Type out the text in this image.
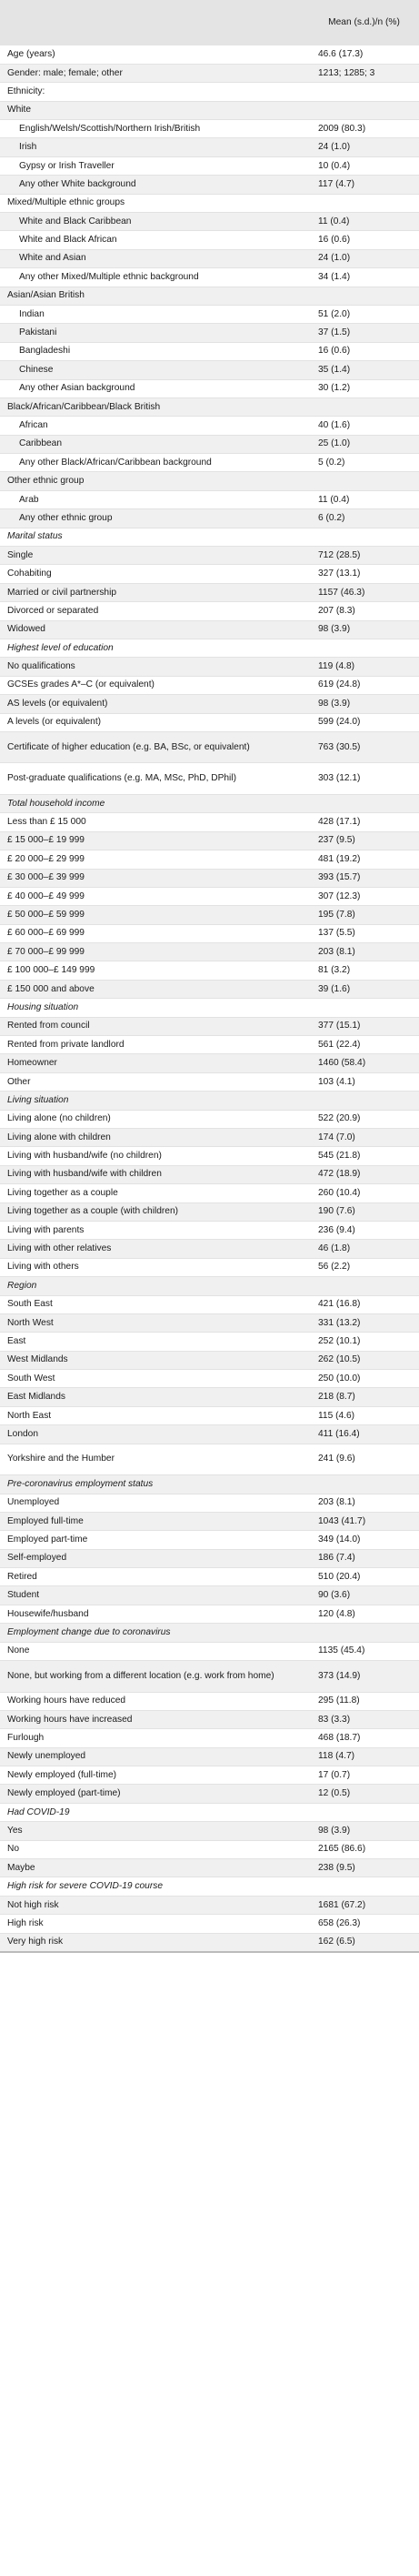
	Mean (s.d.)/n (%)
Age (years)	46.6 (17.3)
Gender: male; female; other	1213; 1285; 3
Ethnicity:	
White	
English/Welsh/Scottish/Northern Irish/British	2009 (80.3)
Irish	24 (1.0)
Gypsy or Irish Traveller	10 (0.4)
Any other White background	117 (4.7)
Mixed/Multiple ethnic groups	
White and Black Caribbean	11 (0.4)
White and Black African	16 (0.6)
White and Asian	24 (1.0)
Any other Mixed/Multiple ethnic background	34 (1.4)
Asian/Asian British	
Indian	51 (2.0)
Pakistani	37 (1.5)
Bangladeshi	16 (0.6)
Chinese	35 (1.4)
Any other Asian background	30 (1.2)
Black/African/Caribbean/Black British	
African	40 (1.6)
Caribbean	25 (1.0)
Any other Black/African/Caribbean background	5 (0.2)
Other ethnic group	
Arab	11 (0.4)
Any other ethnic group	6 (0.2)
Marital status	
Single	712 (28.5)
Cohabiting	327 (13.1)
Married or civil partnership	1157 (46.3)
Divorced or separated	207 (8.3)
Widowed	98 (3.9)
Highest level of education	
No qualifications	119 (4.8)
GCSEs grades A*–C (or equivalent)	619 (24.8)
AS levels (or equivalent)	98 (3.9)
A levels (or equivalent)	599 (24.0)
Certificate of higher education (e.g. BA, BSc, or equivalent)	763 (30.5)
Post-graduate qualifications (e.g. MA, MSc, PhD, DPhil)	303 (12.1)
Total household income	
Less than £ 15 000	428 (17.1)
£ 15 000–£ 19 999	237 (9.5)
£ 20 000–£ 29 999	481 (19.2)
£ 30 000–£ 39 999	393 (15.7)
£ 40 000–£ 49 999	307 (12.3)
£ 50 000–£ 59 999	195 (7.8)
£ 60 000–£ 69 999	137 (5.5)
£ 70 000–£ 99 999	203 (8.1)
£ 100 000–£ 149 999	81 (3.2)
£ 150 000 and above	39 (1.6)
Housing situation	
Rented from council	377 (15.1)
Rented from private landlord	561 (22.4)
Homeowner	1460 (58.4)
Other	103 (4.1)
Living situation	
Living alone (no children)	522 (20.9)
Living alone with children	174 (7.0)
Living with husband/wife (no children)	545 (21.8)
Living with husband/wife with children	472 (18.9)
Living together as a couple	260 (10.4)
Living together as a couple (with children)	190 (7.6)
Living with parents	236 (9.4)
Living with other relatives	46 (1.8)
Living with others	56 (2.2)
Region	
South East	421 (16.8)
North West	331 (13.2)
East	252 (10.1)
West Midlands	262 (10.5)
South West	250 (10.0)
East Midlands	218 (8.7)
North East	115 (4.6)
London	411 (16.4)
Yorkshire and the Humber	241 (9.6)
Pre-coronavirus employment status	
Unemployed	203 (8.1)
Employed full-time	1043 (41.7)
Employed part-time	349 (14.0)
Self-employed	186 (7.4)
Retired	510 (20.4)
Student	90 (3.6)
Housewife/husband	120 (4.8)
Employment change due to coronavirus	
None	1135 (45.4)
None, but working from a different location (e.g. work from home)	373 (14.9)
Working hours have reduced	295 (11.8)
Working hours have increased	83 (3.3)
Furlough	468 (18.7)
Newly unemployed	118 (4.7)
Newly employed (full-time)	17 (0.7)
Newly employed (part-time)	12 (0.5)
Had COVID-19	
Yes	98 (3.9)
No	2165 (86.6)
Maybe	238 (9.5)
High risk for severe COVID-19 course	
Not high risk	1681 (67.2)
High risk	658 (26.3)
Very high risk	162 (6.5)
